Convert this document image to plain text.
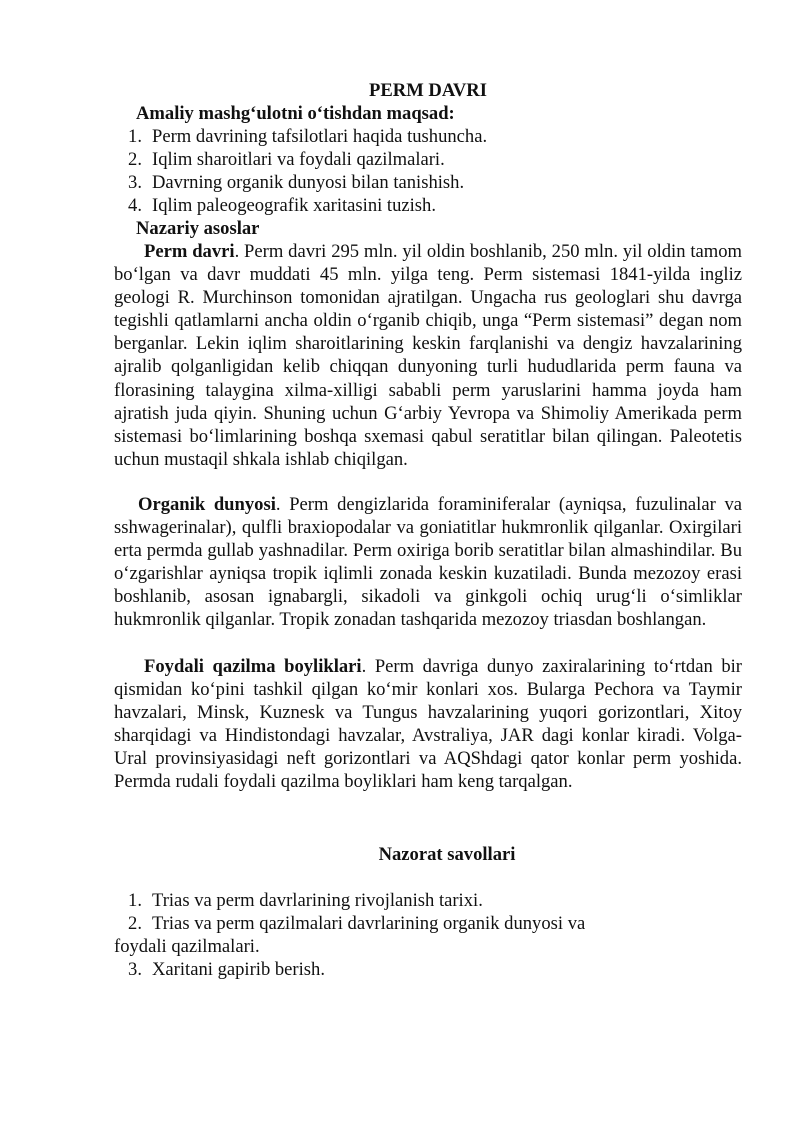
PERM DAVRI
Amaliy mashg‘ulotni o‘tishdan maqsad:
1. Perm davrining tafsilotlari haqida tushuncha.
2. Iqlim sharoitlari va foydali qazilmalari.
3. Davrning organik dunyosi bilan tanishish.
4. Iqlim paleogeografik xaritasini tuzish.
Nazariy asoslar

Perm davri. Perm davri 295 mln. yil oldin boshlanib, 250 mln. yil oldin tamom bo‘lgan va davr muddati 45 mln. yilga teng. Perm sistemasi 1841-yilda ingliz geologi R. Murchinson tomonidan ajratilgan. Ungacha rus geologlari shu davrga tegishli qatlamlarni ancha oldin o‘rganib chiqib, unga “Perm sistemasi” degan nom berganlar. Lekin iqlim sharoitlarining keskin farqlanishi va dengiz havzalarining ajralib qolganligidan kelib chiqqan dunyoning turli hududlarida perm fauna va florasining talaygina xilma-xilligi sababli perm yaruslarini hamma joyda ham ajratish juda qiyin. Shuning uchun G‘arbiy Yevropa va Shimoliy Amerikada perm sistemasi bo‘limlarining boshqa sxemasi qabul seratitlar bilan qilingan. Paleotetis uchun mustaqil shkala ishlab chiqilgan.

Organik dunyosi. Perm dengizlarida foraminiferalar (ayniqsa, fuzulinalar va sshwagerinalar), qulfli braxiopodalar va goniatitlar hukmronlik qilganlar. Oxirgilari erta permda gullab yashnadilar. Perm oxiriga borib seratitlar bilan almashindilar. Bu o‘zgarishlar ayniqsa tropik iqlimli zonada keskin kuzatiladi. Bunda mezozoy erasi boshlanib, asosan ignabargli, sikadoli va ginkgoli ochiq urug‘li o‘simliklar hukmronlik qilganlar. Tropik zonadan tashqarida mezozoy triasdan boshlangan.

Foydali qazilma boyliklari. Perm davriga dunyo zaxiralarining to‘rtdan bir qismidan ko‘pini tashkil qilgan ko‘mir konlari xos. Bularga Pechora va Taymir havzalari, Minsk, Kuznesk va Tungus havzalarining yuqori gorizontlari, Xitoy sharqidagi va Hindistondagi havzalar, Avstraliya, JAR dagi konlar kiradi. Volga-Ural provinsiyasidagi neft gorizontlari va AQShdagi qator konlar perm yoshida. Permda rudali foydali qazilma boyliklari ham keng tarqalgan.

Nazorat savollari
1. Trias va perm davrlarining rivojlanish tarixi.
2. Trias va perm qazilmalari davrlarining organik dunyosi va
foydali qazilmalari.
3. Xaritani gapirib berish.
